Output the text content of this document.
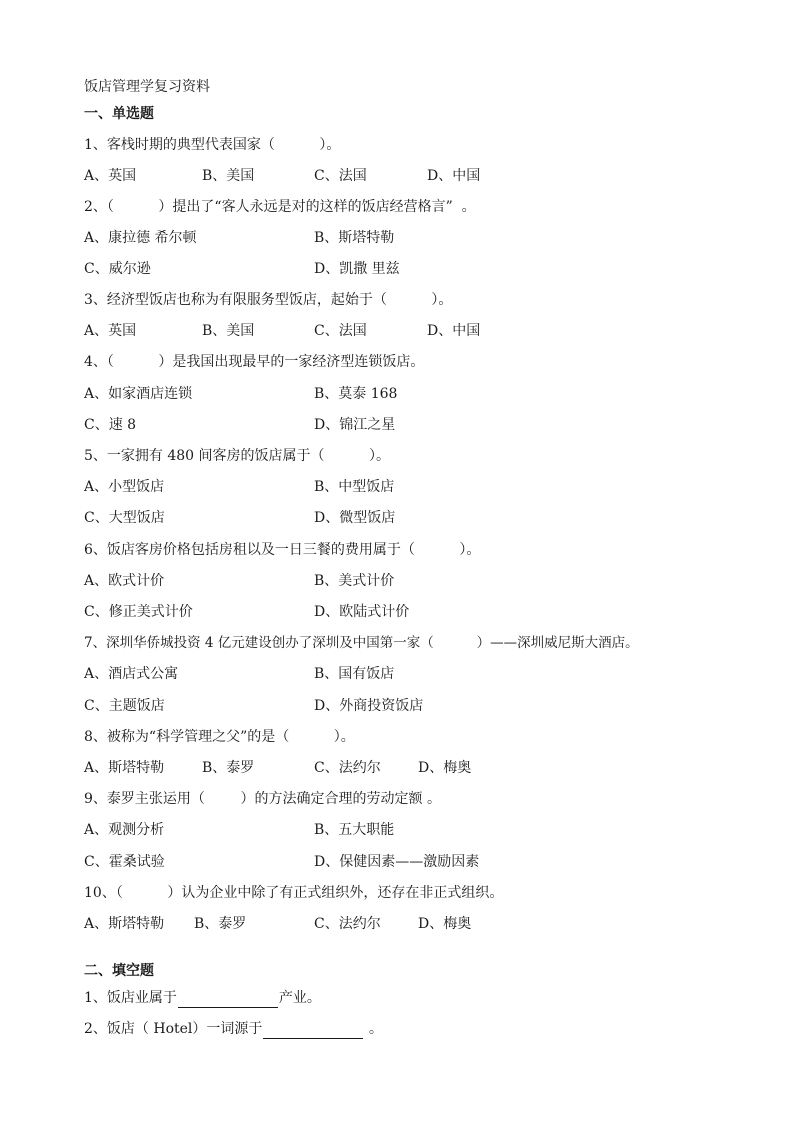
饭店管理学复习资料
一、单选题
1、客栈时期的典型代表国家（          ）。
A、英国	B、美国	C、法国	D、中国
2、（          ）提出了“客人永远是对的这样的饭店经营格言”  。
A、康拉德 希尔顿	B、斯塔特勒
C、威尔逊	D、凯撒 里兹
3、经济型饭店也称为有限服务型饭店，起始于（          ）。
A、英国	B、美国	C、法国	D、中国
4、（          ）是我国出现最早的一家经济型连锁饭店。
A、如家酒店连锁	B、莫泰 168
C、速 8	D、锦江之星
5、一家拥有 480 间客房的饭店属于（          ）。
A、小型饭店	B、中型饭店
C、大型饭店	D、微型饭店
6、饭店客房价格包括房租以及一日三餐的费用属于（          ）。
A、欧式计价	B、美式计价
C、修正美式计价	D、欧陆式计价
7、深圳华侨城投资 4 亿元建设创办了深圳及中国第一家（          ）——深圳威尼斯大酒店。
A、酒店式公寓	B、国有饭店
C、主题饭店	D、外商投资饭店
8、被称为“科学管理之父”的是（          ）。
A、斯塔特勒	B、泰罗	C、法约尔	D、梅奥
9、泰罗主张运用（        ）的方法确定合理的劳动定额 。
A、观测分析	B、五大职能
C、霍桑试验	D、保健因素——激励因素
10、（          ）认为企业中除了有正式组织外，还存在非正式组织。
A、斯塔特勒 B、泰罗	C、法约尔	D、梅奥
二、填空题
1、饭店业属于	产业。
2、饭店（ Hotel）一词源于	。
